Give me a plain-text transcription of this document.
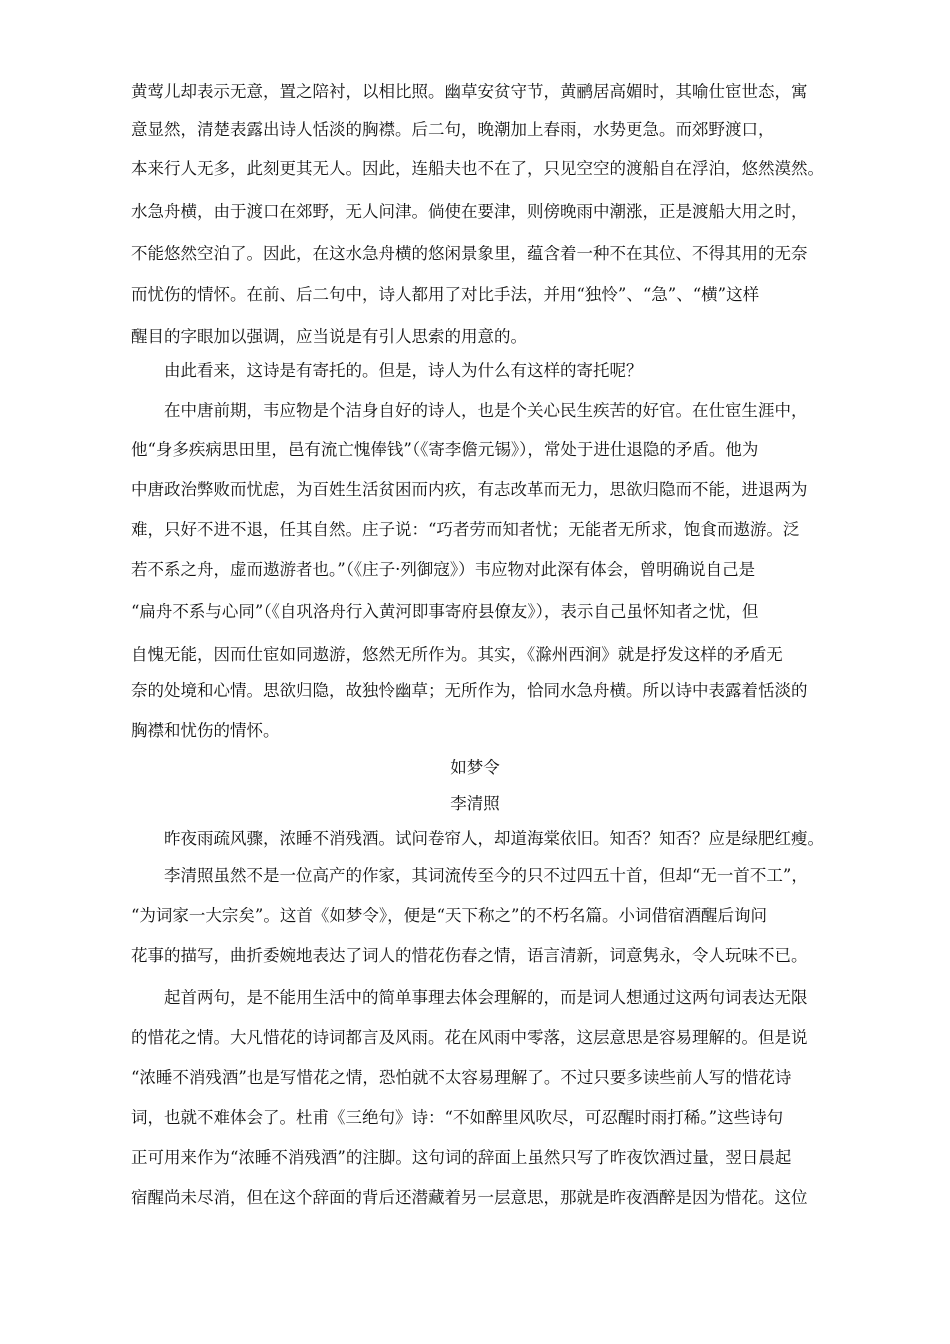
黄莺儿却表示无意，置之陪衬，以相比照。幽草安贫守节，黄鹂居高媚时，其喻仕宦世态，寓
意显然，清楚表露出诗人恬淡的胸襟。后二句，晚潮加上春雨，水势更急。而郊野渡口，
本来行人无多，此刻更其无人。因此，连船夫也不在了，只见空空的渡船自在浮泊，悠然漠然。
水急舟横，由于渡口在郊野，无人问津。倘使在要津，则傍晚雨中潮涨，正是渡船大用之时，
不能悠然空泊了。因此，在这水急舟横的悠闲景象里，蕴含着一种不在其位、不得其用的无奈
而忧伤的情怀。在前、后二句中，诗人都用了对比手法，并用“独怜”、“急”、“横”这样
醒目的字眼加以强调，应当说是有引人思索的用意的。
由此看来，这诗是有寄托的。但是，诗人为什么有这样的寄托呢？
在中唐前期，韦应物是个洁身自好的诗人，也是个关心民生疾苦的好官。在仕宦生涯中，
他“身多疾病思田里，邑有流亡愧俸钱”（《寄李儋元锡》），常处于进仕退隐的矛盾。他为
中唐政治弊败而忧虑，为百姓生活贫困而内疚，有志改革而无力，思欲归隐而不能，进退两为
难，只好不进不退，任其自然。庄子说：“巧者劳而知者忧；无能者无所求，饱食而遨游。泛
若不系之舟，虚而遨游者也。”（《庄子·列御寇》）韦应物对此深有体会，曾明确说自己是
“扁舟不系与心同”（《自巩洛舟行入黄河即事寄府县僚友》），表示自己虽怀知者之忧，但
自愧无能，因而仕宦如同遨游，悠然无所作为。其实，《滁州西涧》就是抒发这样的矛盾无
奈的处境和心情。思欲归隐，故独怜幽草；无所作为，恰同水急舟横。所以诗中表露着恬淡的
胸襟和忧伤的情怀。
如梦令
李清照
昨夜雨疏风骤，浓睡不消残酒。试问卷帘人，却道海棠依旧。知否？知否？应是绿肥红瘦。
李清照虽然不是一位高产的作家，其词流传至今的只不过四五十首，但却“无一首不工”，
“为词家一大宗矣”。这首《如梦令》，便是“天下称之”的不朽名篇。小词借宿酒醒后询问
花事的描写，曲折委婉地表达了词人的惜花伤春之情，语言清新，词意隽永，令人玩味不已。
起首两句，是不能用生活中的简单事理去体会理解的，而是词人想通过这两句词表达无限
的惜花之情。大凡惜花的诗词都言及风雨。花在风雨中零落，这层意思是容易理解的。但是说
“浓睡不消残酒”也是写惜花之情，恐怕就不太容易理解了。不过只要多读些前人写的惜花诗
词，也就不难体会了。杜甫《三绝句》诗：“不如醉里风吹尽，可忍醒时雨打稀。”这些诗句
正可用来作为“浓睡不消残酒”的注脚。这句词的辞面上虽然只写了昨夜饮酒过量，翌日晨起
宿醒尚未尽消，但在这个辞面的背后还潜藏着另一层意思，那就是昨夜酒醉是因为惜花。这位
